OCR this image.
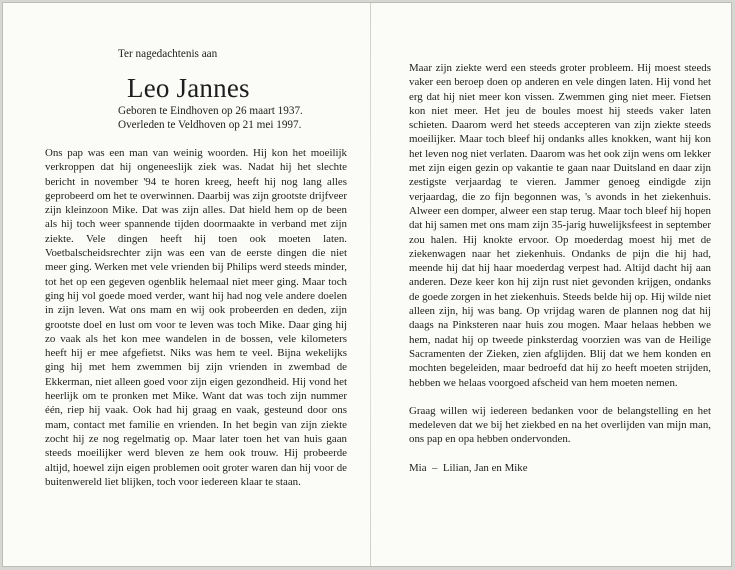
Ter nagedachtenis aan
Leo Jannes
Geboren te Eindhoven op 26 maart 1937.
Overleden te Veldhoven op 21 mei 1997.

Ons pap was een man van weinig woorden. Hij kon het moeilijk verkroppen dat hij ongeneeslijk ziek was. Nadat hij het slechte bericht in november '94 te horen kreeg, heeft hij nog lang alles geprobeerd om het te overwinnen. Daarbij was zijn grootste drijfveer zijn kleinzoon Mike. Dat was zijn alles. Dat hield hem op de been als hij toch weer spannende tijden doormaakte in verband met zijn ziekte. Vele dingen heeft hij toen ook moeten laten. Voetbalscheidsrechter zijn was een van de eerste dingen die niet meer ging. Werken met vele vrienden bij Philips werd steeds minder, tot het op een gegeven ogenblik helemaal niet meer ging. Maar toch ging hij vol goede moed verder, want hij had nog vele andere doelen in zijn leven. Wat ons mam en wij ook probeerden en deden, zijn grootste doel en lust om voor te leven was toch Mike. Daar ging hij zo vaak als het kon mee wandelen in de bossen, vele kilometers heeft hij er mee afgefietst. Niks was hem te veel. Bijna wekelijks ging hij met hem zwemmen bij zijn vrienden in zwembad de Ekkerman, niet alleen goed voor zijn eigen gezondheid. Hij vond het heerlijk om te pronken met Mike. Want dat was toch zijn nummer één, riep hij vaak. Ook had hij graag en vaak, gesteund door ons mam, contact met familie en vrienden. In het begin van zijn ziekte zocht hij ze nog regelmatig op. Maar later toen het van huis gaan steeds moeilijker werd bleven ze hem ook trouw. Hij probeerde altijd, hoewel zijn eigen problemen ooit groter waren dan hij voor de buitenwereld liet blijken, toch voor iedereen klaar te staan.

Maar zijn ziekte werd een steeds groter probleem. Hij moest steeds vaker een beroep doen op anderen en vele dingen laten. Hij vond het erg dat hij niet meer kon vissen. Zwemmen ging niet meer. Fietsen kon niet meer. Het jeu de boules moest hij steeds vaker laten schieten. Daarom werd het steeds accepteren van zijn ziekte steeds moeilijker. Maar toch bleef hij ondanks alles knokken, want hij kon het leven nog niet verlaten. Daarom was het ook zijn wens om lekker met zijn eigen gezin op vakantie te gaan naar Duitsland en daar zijn zestigste verjaardag te vieren. Jammer genoeg eindigde zijn verjaardag, die zo fijn begonnen was, 's avonds in het ziekenhuis. Alweer een domper, alweer een stap terug. Maar toch bleef hij hopen dat hij samen met ons mam zijn 35-jarig huwelijksfeest in september zou halen. Hij knokte ervoor. Op moederdag moest hij met de ziekenwagen naar het ziekenhuis. Ondanks de pijn die hij had, meende hij dat hij haar moederdag verpest had. Altijd dacht hij aan anderen. Deze keer kon hij zijn rust niet gevonden krijgen, ondanks de goede zorgen in het ziekenhuis. Steeds belde hij op. Hij wilde niet alleen zijn, hij was bang. Op vrijdag waren de plannen nog dat hij daags na Pinksteren naar huis zou mogen. Maar helaas hebben we hem, nadat hij op tweede pinksterdag voorzien was van de Heilige Sacramenten der Zieken, zien afglijden. Blij dat we hem konden en mochten begeleiden, maar bedroefd dat hij zo heeft moeten strijden, hebben we helaas voorgoed afscheid van hem moeten nemen.

Graag willen wij iedereen bedanken voor de belangstelling en het medeleven dat we bij het ziekbed en na het overlijden van mijn man, ons pap en opa hebben ondervonden.

Mia  –  Lilian, Jan en Mike
